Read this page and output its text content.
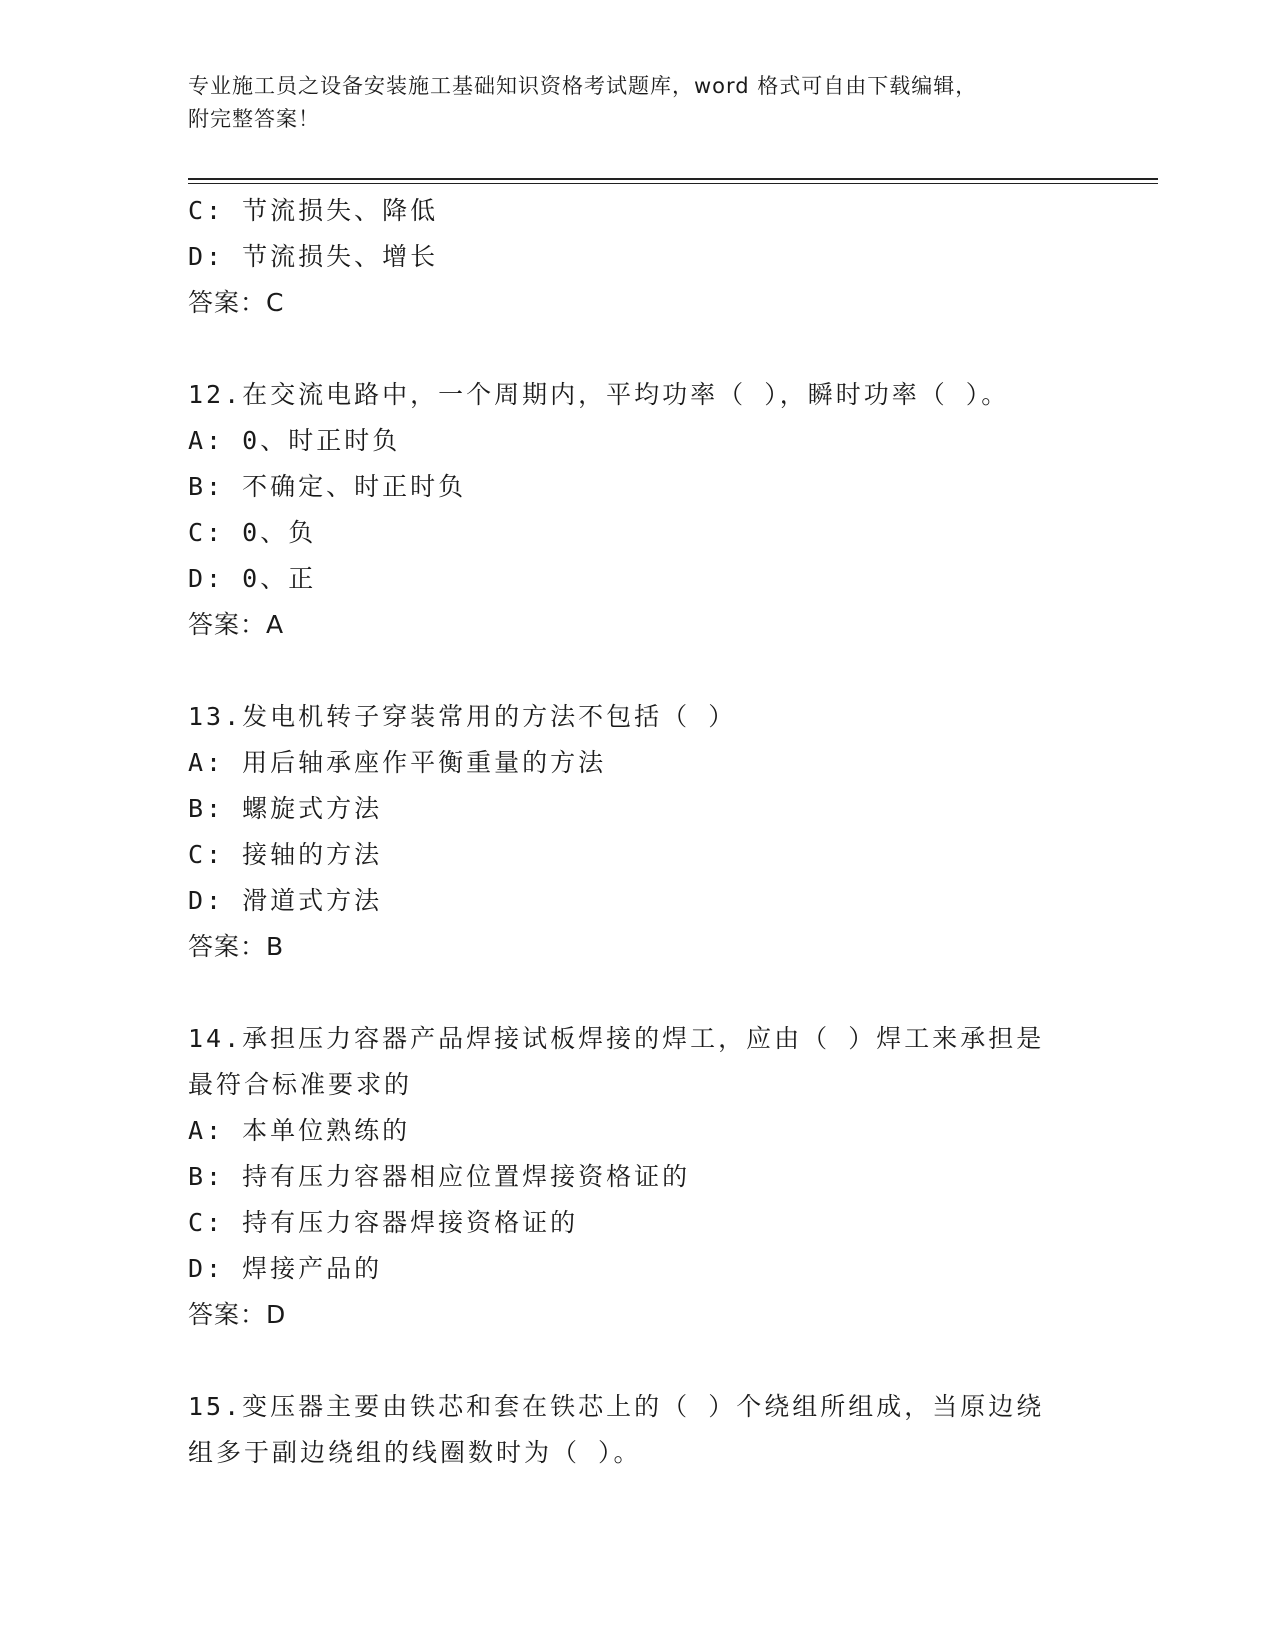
专业施工员之设备安装施工基础知识资格考试题库，word 格式可自由下载编辑，
附完整答案！
C: 节流损失、降低
D: 节流损失、增长
答案：C
12.在交流电路中，一个周期内，平均功率（ ），瞬时功率（ ）。
A: 0、时正时负
B: 不确定、时正时负
C: 0、负
D: 0、正
答案：A
13.发电机转子穿装常用的方法不包括（ ）
A: 用后轴承座作平衡重量的方法
B: 螺旋式方法
C: 接轴的方法
D: 滑道式方法
答案：B
14.承担压力容器产品焊接试板焊接的焊工，应由（ ）焊工来承担是
最符合标准要求的
A: 本单位熟练的
B: 持有压力容器相应位置焊接资格证的
C: 持有压力容器焊接资格证的
D: 焊接产品的
答案：D
15.变压器主要由铁芯和套在铁芯上的（ ）个绕组所组成，当原边绕
组多于副边绕组的线圈数时为（ ）。
